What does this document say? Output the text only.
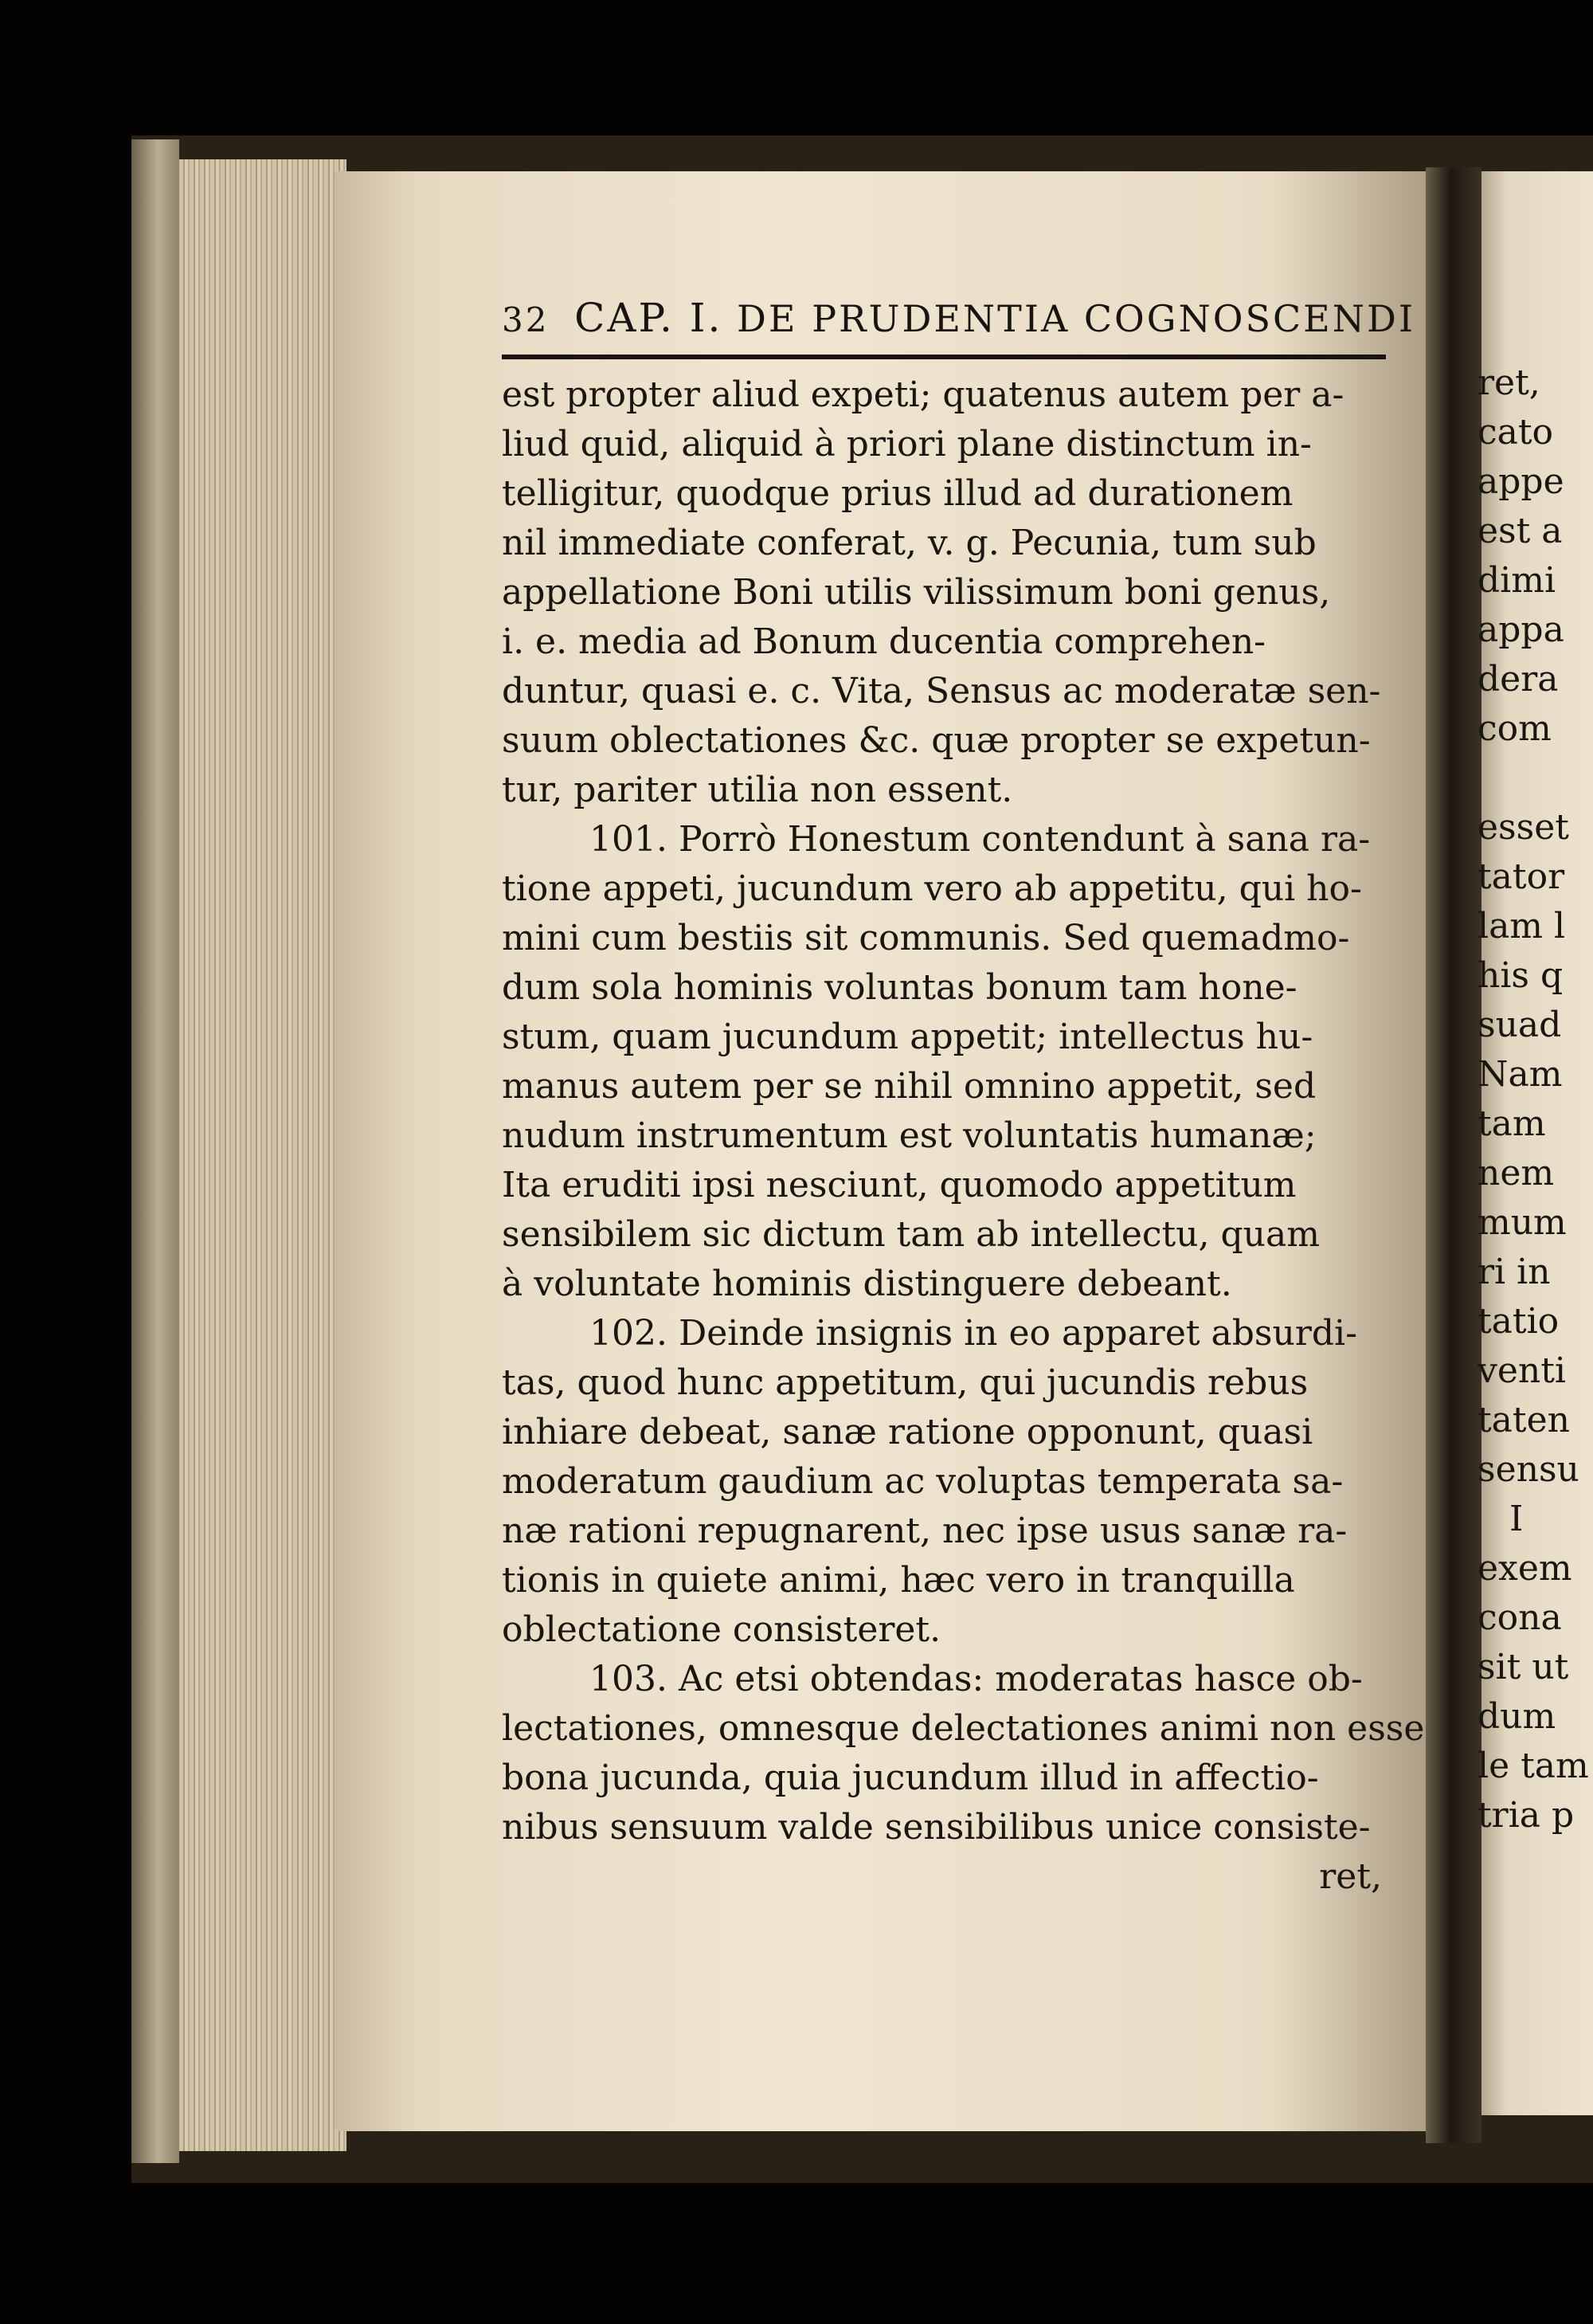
32 CAP. I. DE PRUDENTIA COGNOSCENDI
est propter aliud expeti; quatenus autem per a-
liud quid, aliquid à priori plane distinctum in-
telligitur, quodque prius illud ad durationem
nil immediate conferat, v. g. Pecunia, tum sub
appellatione Boni utilis vilissimum boni genus,
i. e. media ad Bonum ducentia comprehen-
duntur, quasi e. c. Vita, Sensus ac moderatæ sen-
suum oblectationes &c. quæ propter se expetun-
tur, pariter utilia non essent.
101. Porrò Honestum contendunt à sana ra-
tione appeti, jucundum vero ab appetitu, qui ho-
mini cum bestiis sit communis. Sed quemadmo-
dum sola hominis voluntas bonum tam hone-
stum, quam jucundum appetit; intellectus hu-
manus autem per se nihil omnino appetit, sed
nudum instrumentum est voluntatis humanæ;
Ita eruditi ipsi nesciunt, quomodo appetitum
sensibilem sic dictum tam ab intellectu, quam
à voluntate hominis distinguere debeant.
102. Deinde insignis in eo apparet absurdi-
tas, quod hunc appetitum, qui jucundis rebus
inhiare debeat, sanæ ratione opponunt, quasi
moderatum gaudium ac voluptas temperata sa-
næ rationi repugnarent, nec ipse usus sanæ ra-
tionis in quiete animi, hæc vero in tranquilla
oblectatione consisteret.
103. Ac etsi obtendas: moderatas hasce ob-
lectationes, omnesque delectationes animi non esse
bona jucunda, quia jucundum illud in affectio-
nibus sensuum valde sensibilibus unice consiste-
ret,
ret,
cato
appe
est a
dimi
appa
dera
com
esset
tator
lam l
his q
suad
Nam
tam
nem
mum
ri in
tatio
venti
taten
sensu
I
exem
cona
sit ut
dum
le tam
tria p
